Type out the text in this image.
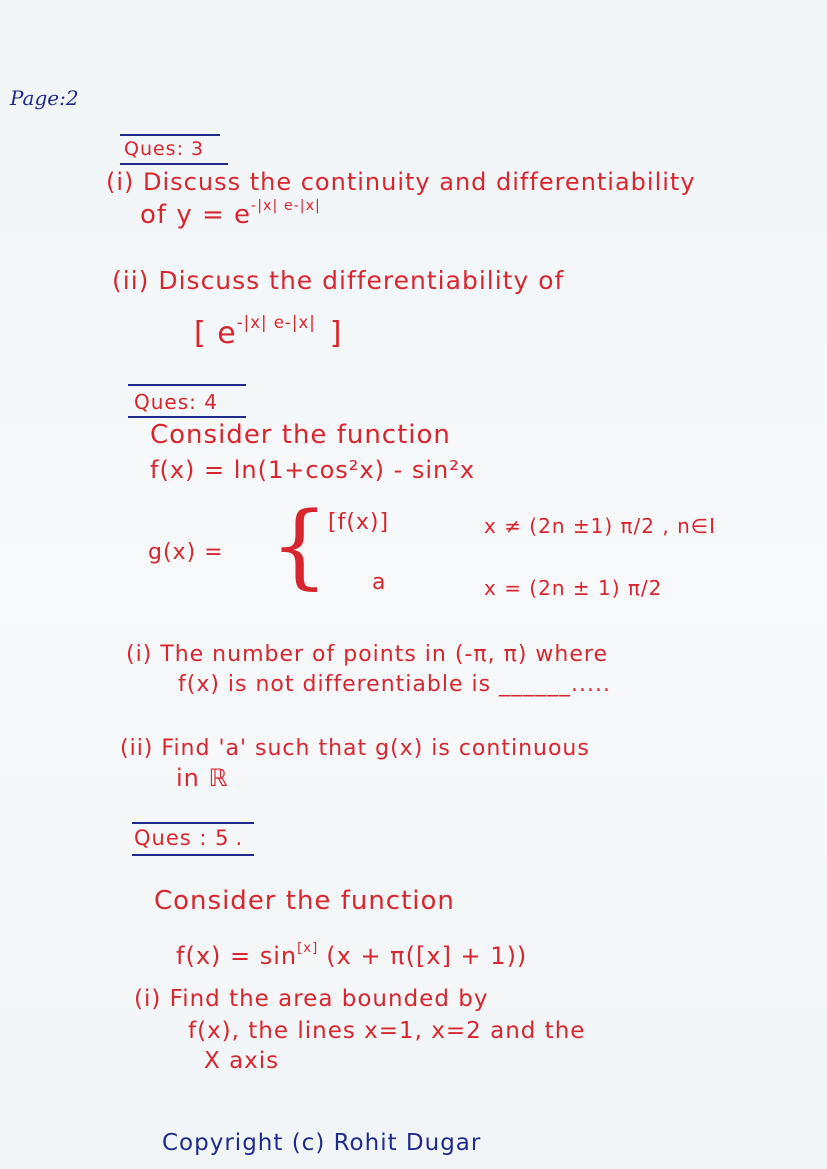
Page:2
Ques: 3
(i) Discuss the continuity and differentiability
of $y = e^{-|x| e-|x|}$
(ii) Discuss the differentiability of
[ $e^{-|x| e-|x|}$ ]
Ques: 4
Consider the function
f(x) = ln(1+cos²x) - sin²x
g(x) = { [f(x)]	x ≠ (2n ±1) π/2 , n∈I
a	x = (2n ± 1) π/2
(i) The number of points in (-π, π) where
f(x) is not differentiable is ______.....
(ii) Find 'a' such that g(x) is continuous
in ℝ
Ques : 5 .
Consider the function
f(x) = sin[x] (x + π([x] + 1))
(i) Find the area bounded by
f(x), the lines x=1, x=2 and the
X axis
Copyright (c) Rohit Dugar
